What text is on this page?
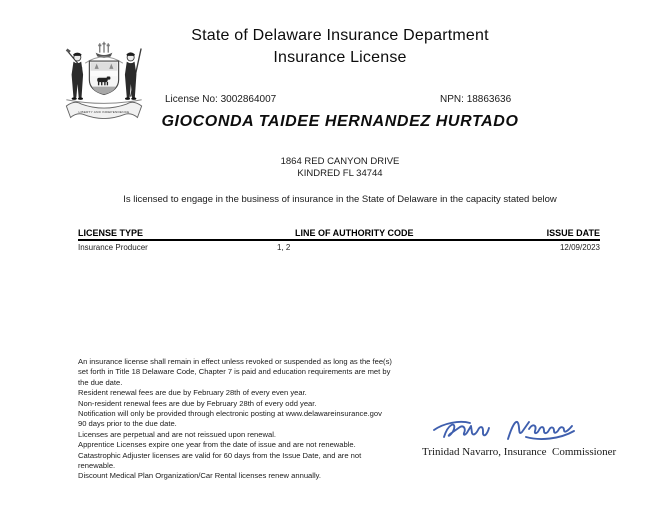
LIBERTY AND INDEPENDENCE
State of Delaware Insurance Department
Insurance License
License No: 3002864007	NPN: 18863636
GIOCONDA TAIDEE HERNANDEZ HURTADO
1864 RED CANYON DRIVE
KINDRED FL 34744
Is licensed to engage in the business of insurance in the State of Delaware in the capacity stated below
LICENSE TYPE	LINE OF AUTHORITY CODE	ISSUE DATE
Insurance Producer	1, 2	12/09/2023
An insurance license shall remain in effect unless revoked or suspended as long as the fee(s)
set forth in Title 18 Delaware Code, Chapter 7 is paid and education requirements are met by
the due date.
Resident renewal fees are due by February 28th of every even year.
Non-resident renewal fees are due by February 28th of every odd year.
Notification will only be provided through electronic posting at www.delawareinsurance.gov
90 days prior to the due date.
Licenses are perpetual and are not reissued upon renewal.
Apprentice Licenses expire one year from the date of issue and are not renewable.
Catastrophic Adjuster licenses are valid for 60 days from the Issue Date, and are not
renewable.
Discount Medical Plan Organization/Car Rental licenses renew annually.
Trinidad Navarro, Insurance  Commissioner
